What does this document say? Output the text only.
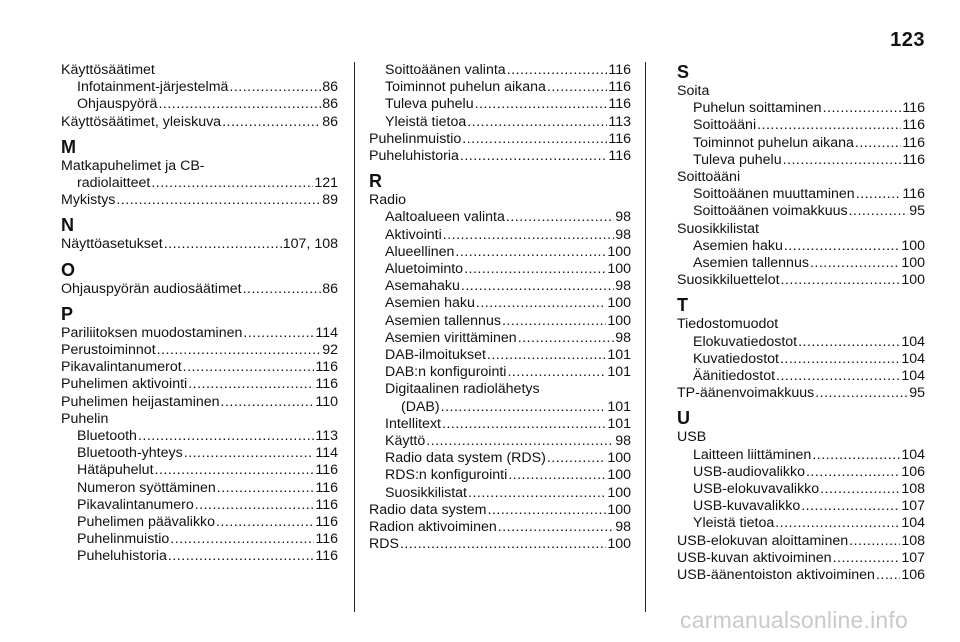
123
Käyttösäätimet
Infotainment-järjestelmä .....	86
Ohjauspyörä .....	86
Käyttösäätimet, yleiskuva .....	86
M
Matkapuhelimet ja CB-
radiolaitteet .....	121
Mykistys .....	89
N
Näyttöasetukset .....	107, 108
O
Ohjauspyörän audiosäätimet .....	86
P
Pariliitoksen muodostaminen .....	114
Perustoiminnot .....	92
Pikavalintanumerot .....	116
Puhelimen aktivointi .....	116
Puhelimen heijastaminen .....	110
Puhelin
Bluetooth .....	113
Bluetooth-yhteys .....	114
Hätäpuhelut .....	116
Numeron syöttäminen .....	116
Pikavalintanumero .....	116
Puhelimen päävalikko .....	116
Puhelinmuistio .....	116
Puheluhistoria .....	116
Soittoäänen valinta .....	116
Toiminnot puhelun aikana .....	116
Tuleva puhelu .....	116
Yleistä tietoa .....	113
Puhelinmuistio .....	116
Puheluhistoria .....	116
R
Radio
Aaltoalueen valinta .....	98
Aktivointi .....	98
Alueellinen .....	100
Aluetoiminto .....	100
Asemahaku .....	98
Asemien haku .....	100
Asemien tallennus .....	100
Asemien virittäminen .....	98
DAB-ilmoitukset .....	101
DAB:n konfigurointi .....	101
Digitaalinen radiolähetys
(DAB) .....	101
Intellitext .....	101
Käyttö .....	98
Radio data system (RDS) .....	100
RDS:n konfigurointi .....	100
Suosikkilistat .....	100
Radio data system .....	100
Radion aktivoiminen .....	98
RDS .....	100
S
Soita
Puhelun soittaminen .....	116
Soittoääni .....	116
Toiminnot puhelun aikana .....	116
Tuleva puhelu .....	116
Soittoääni
Soittoäänen muuttaminen .....	116
Soittoäänen voimakkuus .....	95
Suosikkilistat
Asemien haku .....	100
Asemien tallennus .....	100
Suosikkiluettelot .....	100
T
Tiedostomuodot
Elokuvatiedostot .....	104
Kuvatiedostot .....	104
Äänitiedostot .....	104
TP-äänenvoimakkuus .....	95
U
USB
Laitteen liittäminen .....	104
USB-audiovalikko .....	106
USB-elokuvavalikko .....	108
USB-kuvavalikko .....	107
Yleistä tietoa .....	104
USB-elokuvan aloittaminen .....	108
USB-kuvan aktivoiminen .....	107
USB-äänentoiston aktivoiminen ..... 106
carmanualsonline.info
